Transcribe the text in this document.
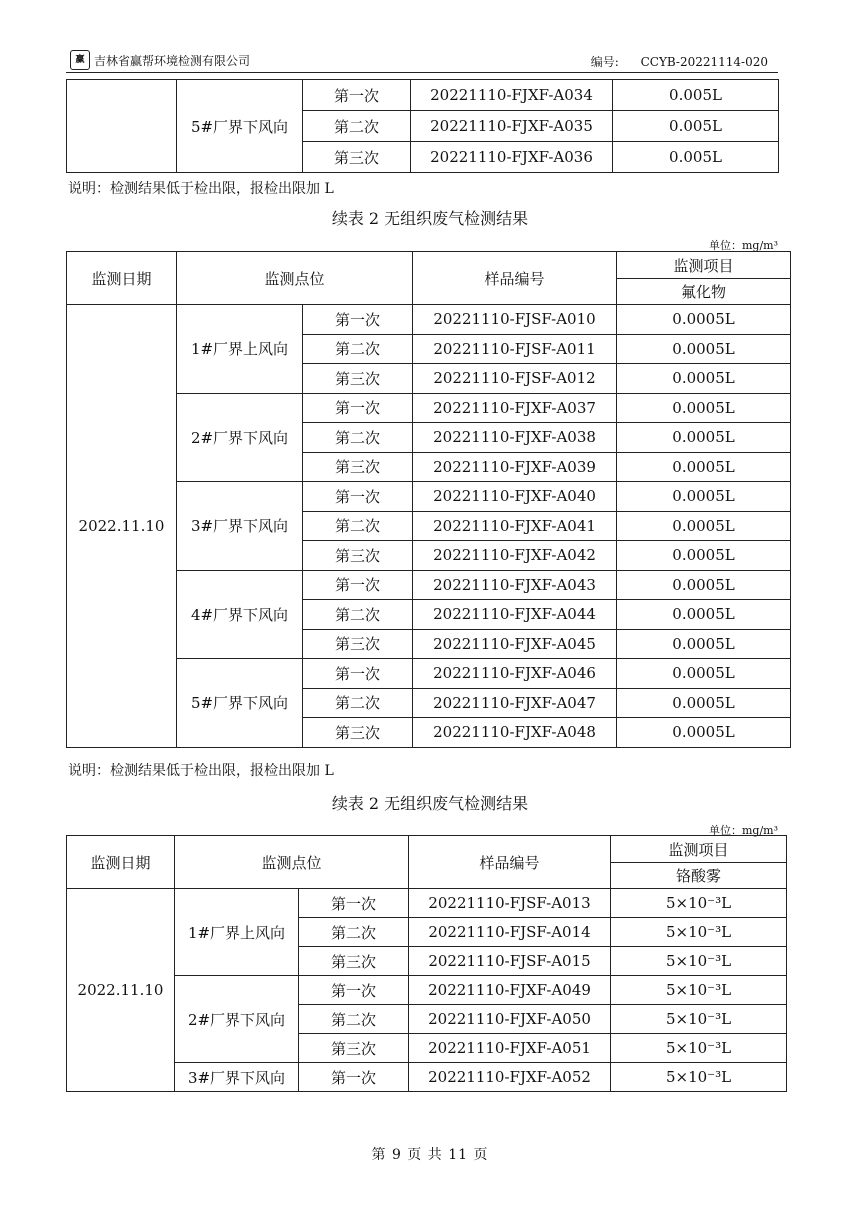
赢 吉林省赢帮环境检测有限公司	编号: CCYB-20221114-020
	5#厂界下风向	第一次	20221110-FJXF-A034	0.005L
		第二次	20221110-FJXF-A035	0.005L
		第三次	20221110-FJXF-A036	0.005L
说明：检测结果低于检出限，报检出限加 L
续表 2 无组织废气检测结果
单位：mg/m³
监测日期	监测点位		样品编号	监测项目
				氟化物
2022.11.10	1#厂界上风向	第一次	20221110-FJSF-A010	0.0005L
		第二次	20221110-FJSF-A011	0.0005L
		第三次	20221110-FJSF-A012	0.0005L
	2#厂界下风向	第一次	20221110-FJXF-A037	0.0005L
		第二次	20221110-FJXF-A038	0.0005L
		第三次	20221110-FJXF-A039	0.0005L
	3#厂界下风向	第一次	20221110-FJXF-A040	0.0005L
		第二次	20221110-FJXF-A041	0.0005L
		第三次	20221110-FJXF-A042	0.0005L
	4#厂界下风向	第一次	20221110-FJXF-A043	0.0005L
		第二次	20221110-FJXF-A044	0.0005L
		第三次	20221110-FJXF-A045	0.0005L
	5#厂界下风向	第一次	20221110-FJXF-A046	0.0005L
		第二次	20221110-FJXF-A047	0.0005L
		第三次	20221110-FJXF-A048	0.0005L
说明：检测结果低于检出限，报检出限加 L
续表 2 无组织废气检测结果
单位：mg/m³
监测日期	监测点位		样品编号	监测项目
				铬酸雾
2022.11.10	1#厂界上风向	第一次	20221110-FJSF-A013	5×10⁻³L
		第二次	20221110-FJSF-A014	5×10⁻³L
		第三次	20221110-FJSF-A015	5×10⁻³L
	2#厂界下风向	第一次	20221110-FJXF-A049	5×10⁻³L
		第二次	20221110-FJXF-A050	5×10⁻³L
		第三次	20221110-FJXF-A051	5×10⁻³L
	3#厂界下风向	第一次	20221110-FJXF-A052	5×10⁻³L
第 9 页 共 11 页
